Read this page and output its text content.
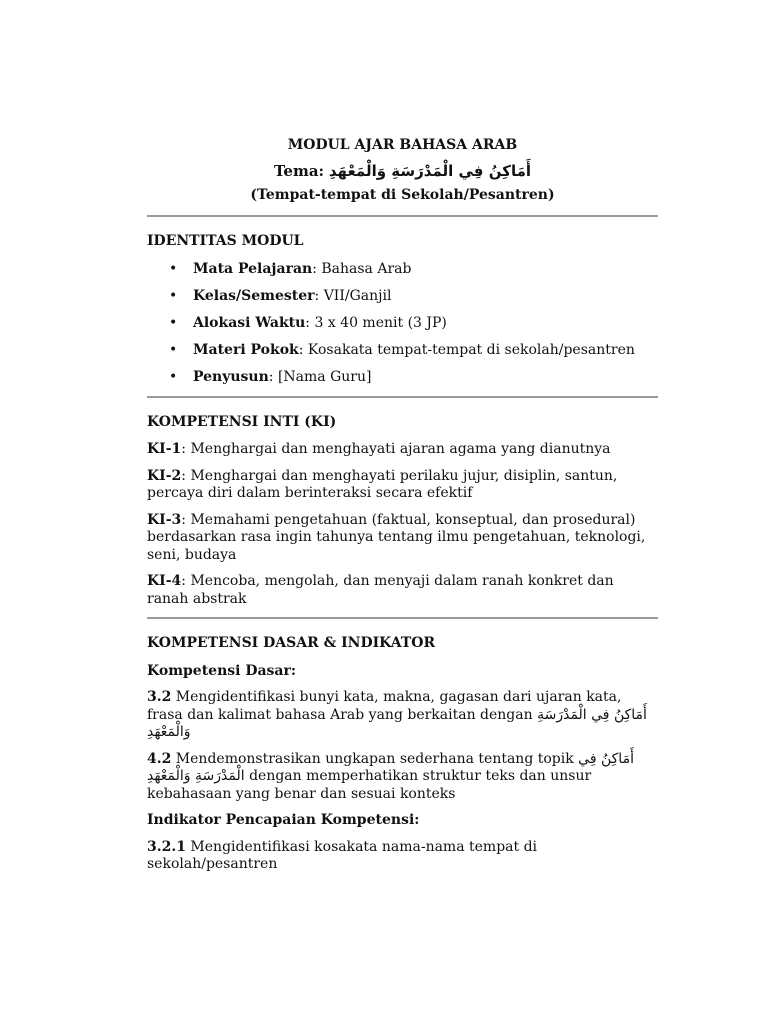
MODUL AJAR BAHASA ARAB
Tema: أَمَاكِنُ فِي الْمَدْرَسَةِ وَالْمَعْهَدِ
(Tempat-tempat di Sekolah/Pesantren)
IDENTITAS MODUL
• Mata Pelajaran: Bahasa Arab
• Kelas/Semester: VII/Ganjil
• Alokasi Waktu: 3 x 40 menit (3 JP)
• Materi Pokok: Kosakata tempat-tempat di sekolah/pesantren
• Penyusun: [Nama Guru]
KOMPETENSI INTI (KI)

KI-1: Menghargai dan menghayati ajaran agama yang dianutnya

KI-2: Menghargai dan menghayati perilaku jujur, disiplin, santun, percaya diri dalam berinteraksi secara efektif

KI-3: Memahami pengetahuan (faktual, konseptual, dan prosedural) berdasarkan rasa ingin tahunya tentang ilmu pengetahuan, teknologi, seni, budaya

KI-4: Mencoba, mengolah, dan menyaji dalam ranah konkret dan ranah abstrak

KOMPETENSI DASAR & INDIKATOR
Kompetensi Dasar:

3.2 Mengidentifikasi bunyi kata, makna, gagasan dari ujaran kata, frasa dan kalimat bahasa Arab yang berkaitan dengan أَمَاكِنُ فِي الْمَدْرَسَةِ وَالْمَعْهَدِ

4.2 Mendemonstrasikan ungkapan sederhana tentang topik أَمَاكِنُ فِي الْمَدْرَسَةِ وَالْمَعْهَدِ dengan memperhatikan struktur teks dan unsur kebahasaan yang benar dan sesuai konteks

Indikator Pencapaian Kompetensi:

3.2.1 Mengidentifikasi kosakata nama-nama tempat di sekolah/pesantren
